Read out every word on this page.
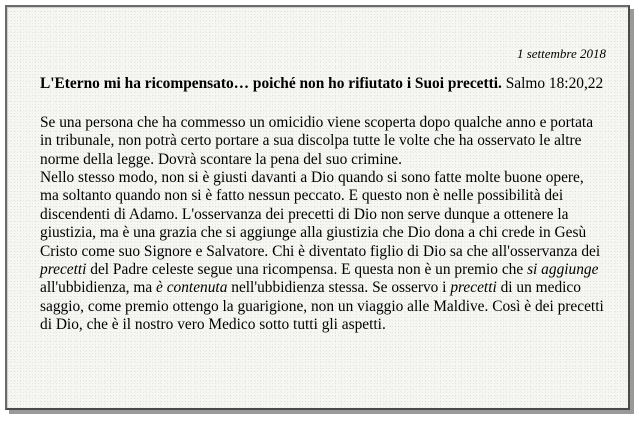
1 settembre 2018

L'Eterno mi ha ricompensato… poiché non ho rifiutato i Suoi precetti. Salmo 18:20,22

Se una persona che ha commesso un omicidio viene scoperta dopo qualche anno e portata in tribunale, non potrà certo portare a sua discolpa tutte le volte che ha osservato le altre norme della legge. Dovrà scontare la pena del suo crimine.

Nello stesso modo, non si è giusti davanti a Dio quando si sono fatte molte buone opere, ma soltanto quando non si è fatto nessun peccato. E questo non è nelle possibilità dei discendenti di Adamo. L'osservanza dei precetti di Dio non serve dunque a ottenere la giustizia, ma è una grazia che si aggiunge alla giustizia che Dio dona a chi crede in Gesù Cristo come suo Signore e Salvatore. Chi è diventato figlio di Dio sa che all'osservanza dei precetti del Padre celeste segue una ricompensa. E questa non è un premio che si aggiunge all'ubbidienza, ma è contenuta nell'ubbidienza stessa. Se osservo i precetti di un medico saggio, come premio ottengo la guarigione, non un viaggio alle Maldive. Così è dei precetti di Dio, che è il nostro vero Medico sotto tutti gli aspetti.
